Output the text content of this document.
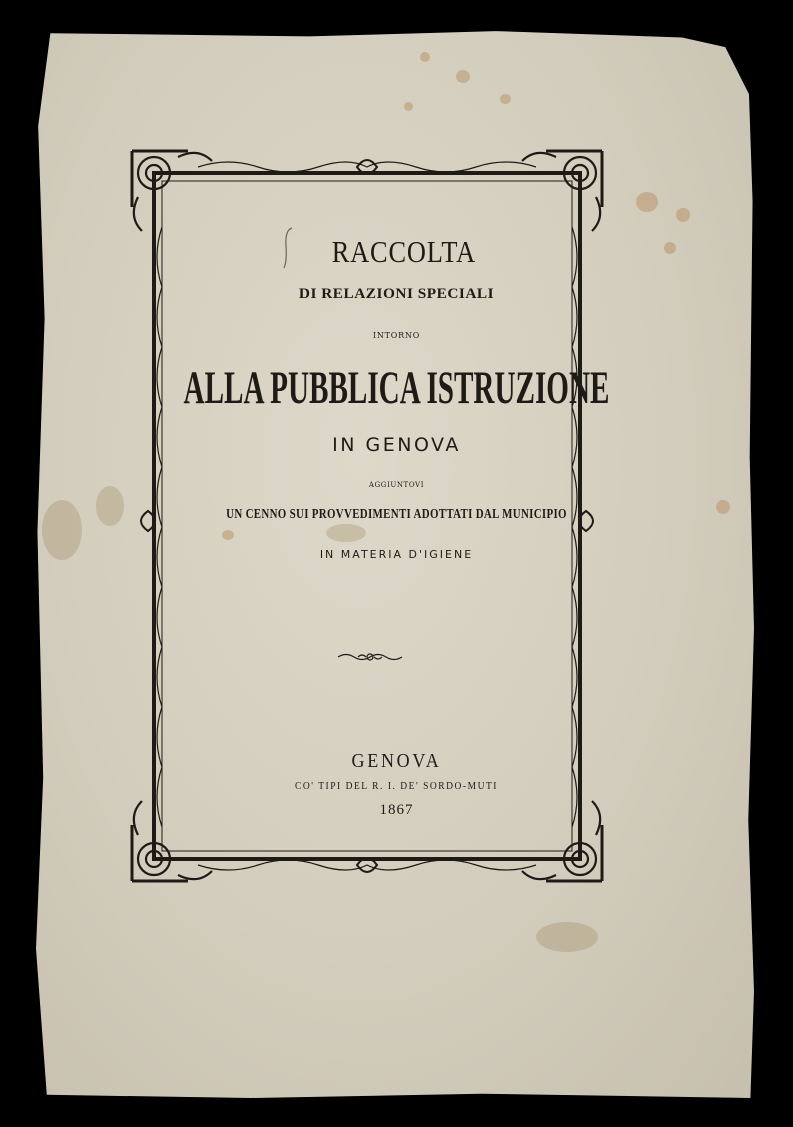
RACCOLTA
DI RELAZIONI SPECIALI
INTORNO
ALLA PUBBLICA ISTRUZIONE
IN GENOVA
AGGIUNTOVI
UN CENNO SUI PROVVEDIMENTI ADOTTATI DAL MUNICIPIO
IN MATERIA D'IGIENE
GENOVA
CO' TIPI DEL R. I. DE' SORDO-MUTI
1867
